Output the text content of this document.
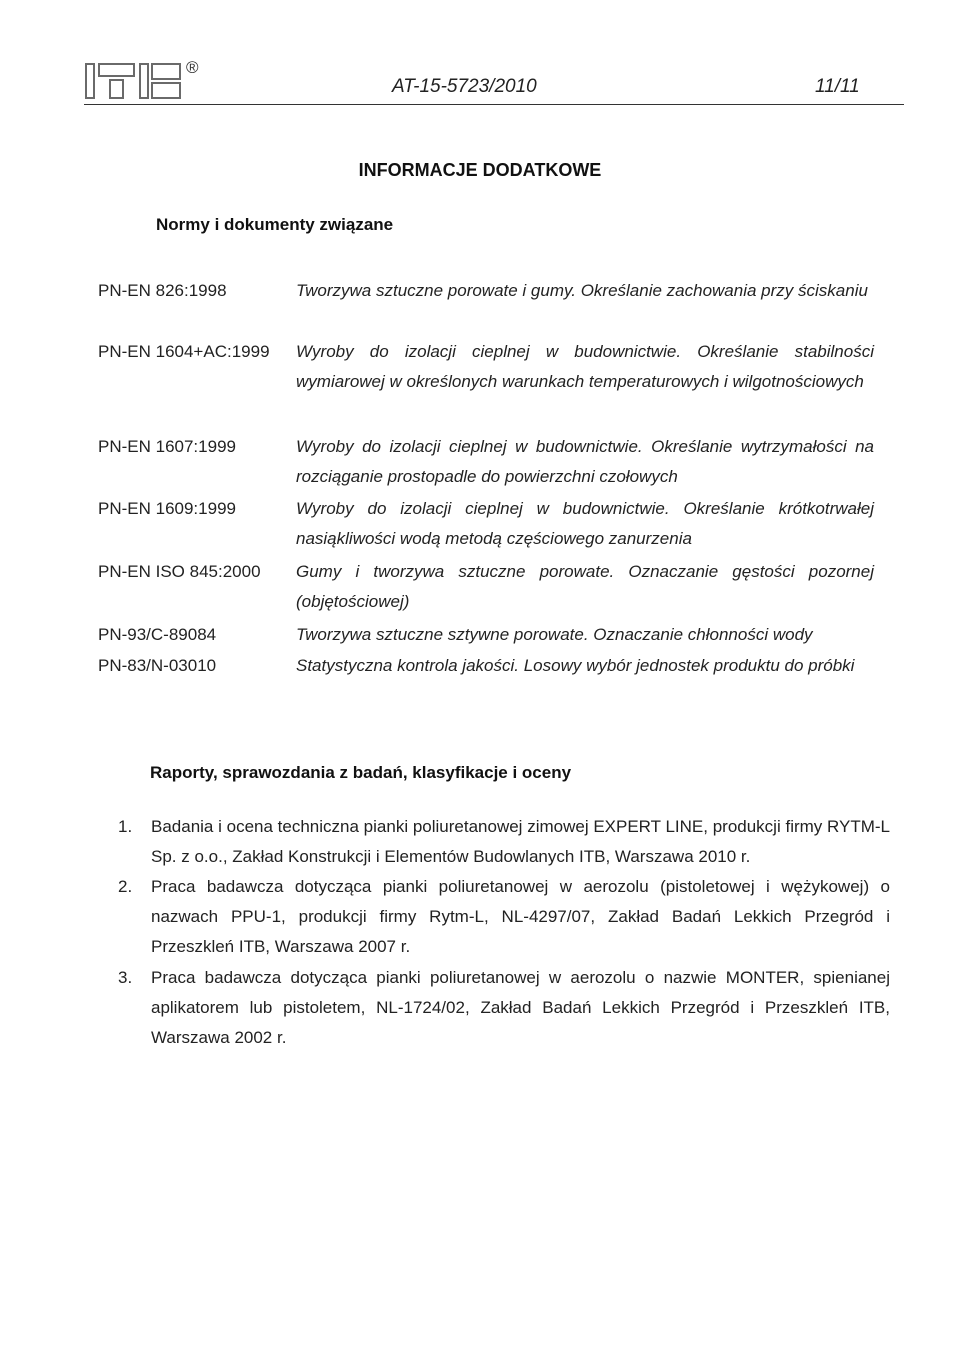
®
AT-15-5723/2010	11/11
INFORMACJE DODATKOWE
Normy i dokumenty związane
PN-EN 826:1998	Tworzywa sztuczne porowate i gumy. Określanie zachowania przy ściskaniu
PN-EN 1604+AC:1999	Wyroby do izolacji cieplnej w budownictwie. Określanie stabilności wymiarowej w określonych warunkach temperaturowych i wilgotnościowych
PN-EN 1607:1999	Wyroby do izolacji cieplnej w budownictwie. Określanie wytrzymałości na rozciąganie prostopadle do powierzchni czołowych
PN-EN 1609:1999	Wyroby do izolacji cieplnej w budownictwie. Określanie krótkotrwałej nasiąkliwości wodą metodą częściowego zanurzenia
PN-EN ISO 845:2000	Gumy i tworzywa sztuczne porowate. Oznaczanie gęstości pozornej (objętościowej)
PN-93/C-89084	Tworzywa sztuczne sztywne porowate. Oznaczanie chłonności wody
PN-83/N-03010	Statystyczna kontrola jakości. Losowy wybór jednostek produktu do próbki
Raporty, sprawozdania z badań, klasyfikacje i oceny
1.	Badania i ocena techniczna pianki poliuretanowej zimowej EXPERT LINE, produkcji firmy RYTM-L Sp. z o.o., Zakład Konstrukcji i Elementów Budowlanych ITB, Warszawa 2010 r.
2.	Praca badawcza dotycząca pianki poliuretanowej w aerozolu (pistoletowej i wężykowej) o nazwach PPU-1, produkcji firmy Rytm-L, NL-4297/07, Zakład Badań Lekkich Przegród i Przeszkleń ITB, Warszawa 2007 r.
3.	Praca badawcza dotycząca pianki poliuretanowej w aerozolu o nazwie MONTER, spienianej aplikatorem lub pistoletem, NL-1724/02, Zakład Badań Lekkich Przegród i Przeszkleń ITB, Warszawa 2002 r.
